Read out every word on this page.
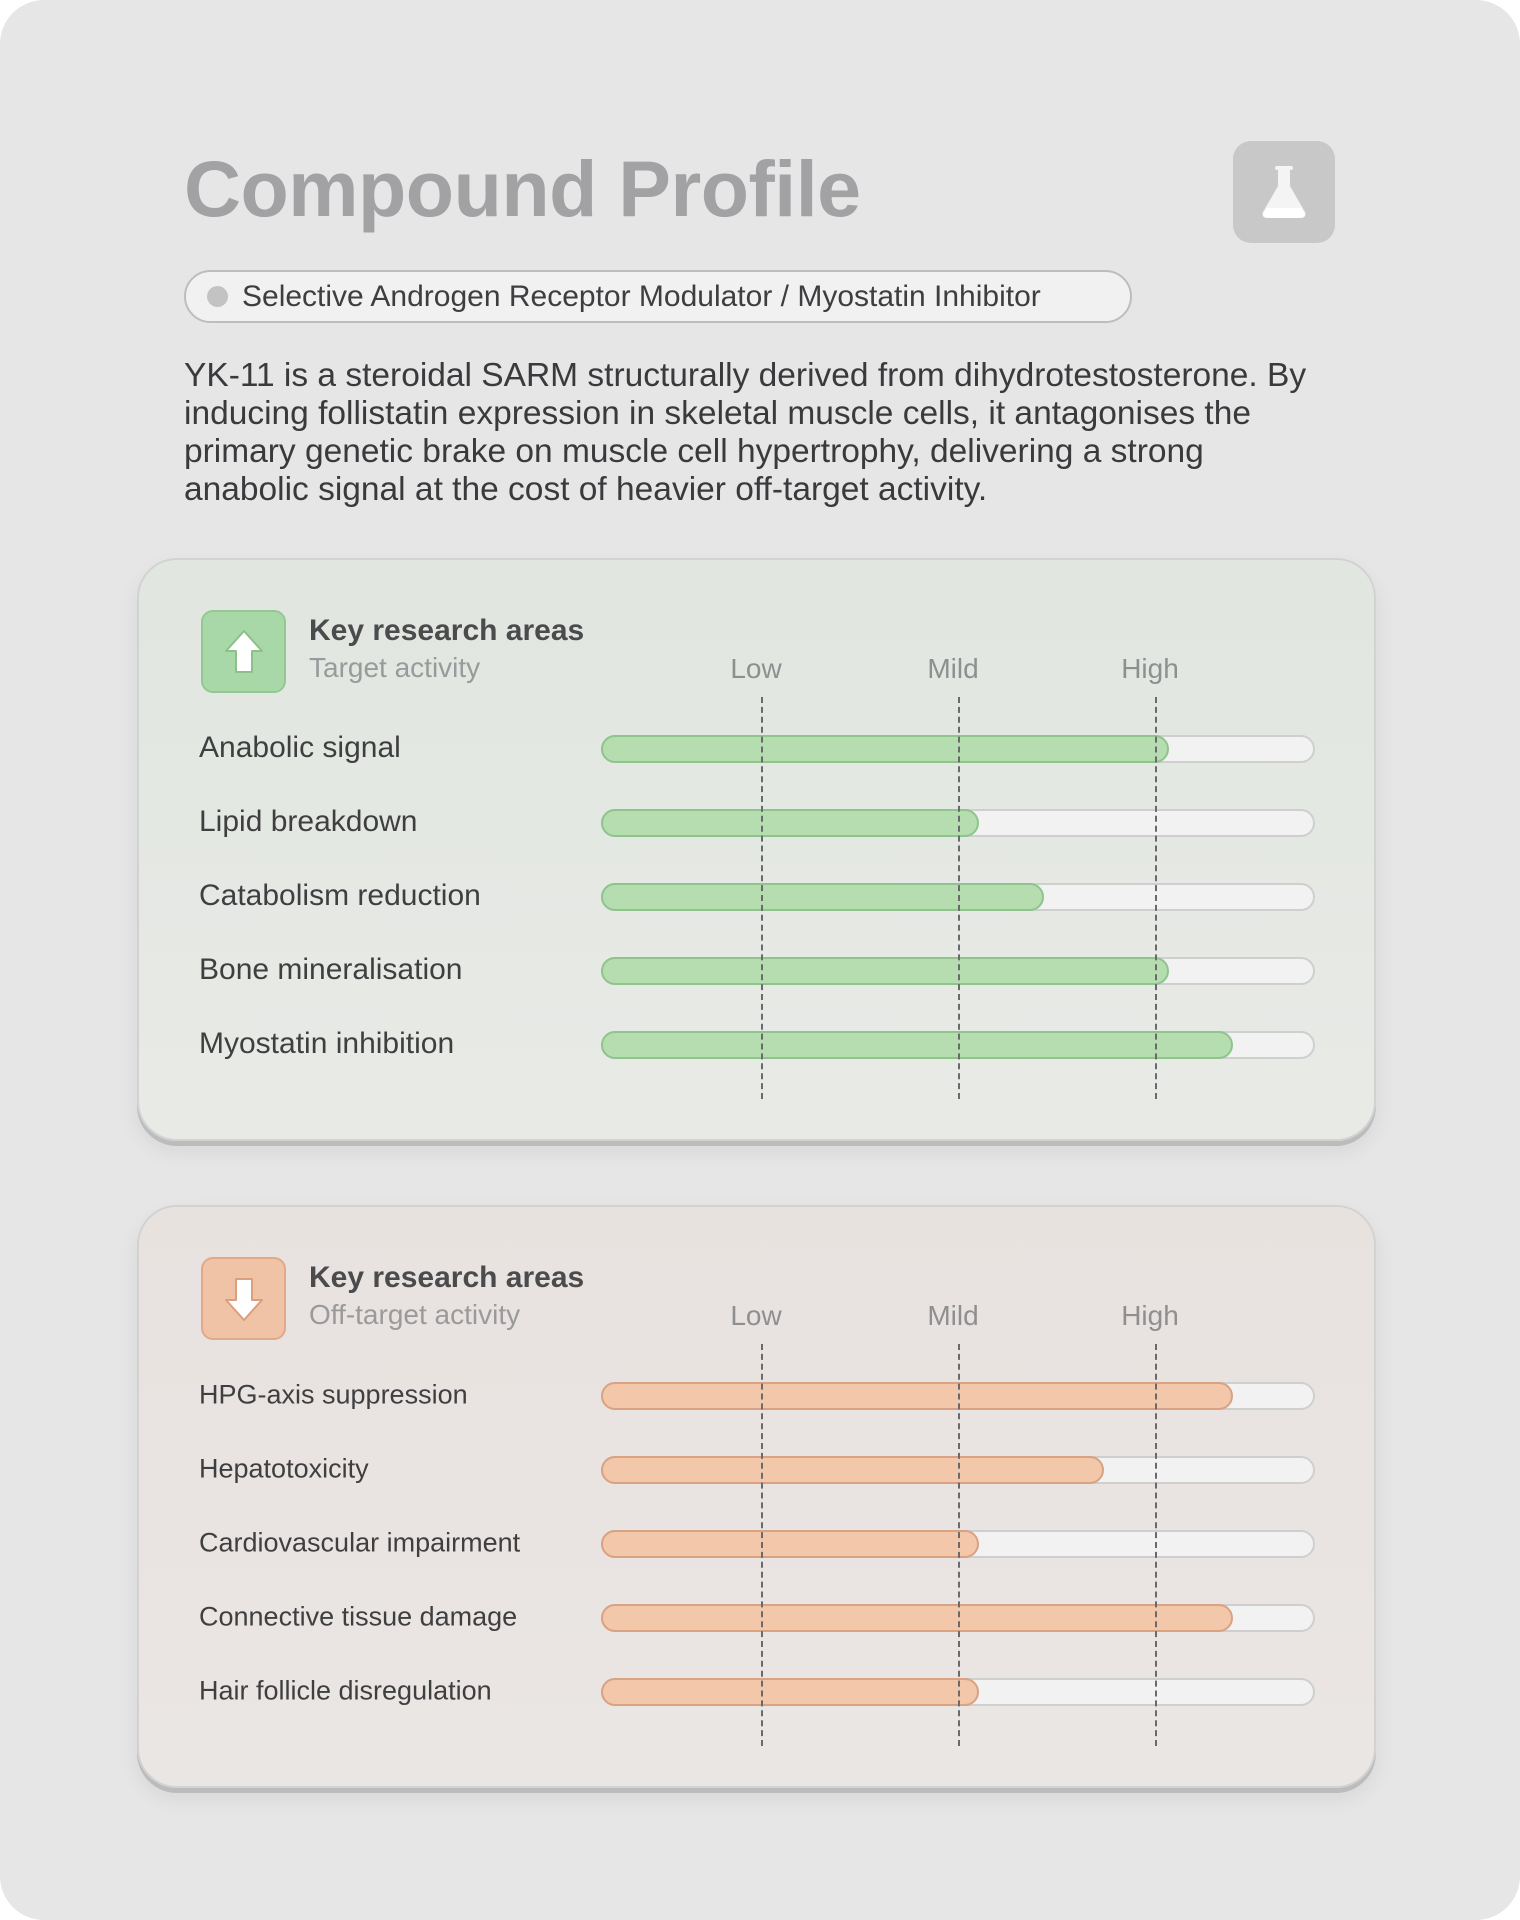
Compound Profile
Selective Androgen Receptor Modulator / Myostatin Inhibitor

YK-11 is a steroidal SARM structurally derived from dihydrotestosterone. By inducing follistatin expression in skeletal muscle cells, it antagonises the primary genetic brake on muscle cell hypertrophy, delivering a strong anabolic signal at the cost of heavier off-target activity.

Key research areas
Target activity	Low	Mild	High
Anabolic signal
Lipid breakdown
Catabolism reduction
Bone mineralisation
Myostatin inhibition
Key research areas
Off-target activity	Low	Mild	High
HPG-axis suppression
Hepatotoxicity
Cardiovascular impairment
Connective tissue damage
Hair follicle disregulation
